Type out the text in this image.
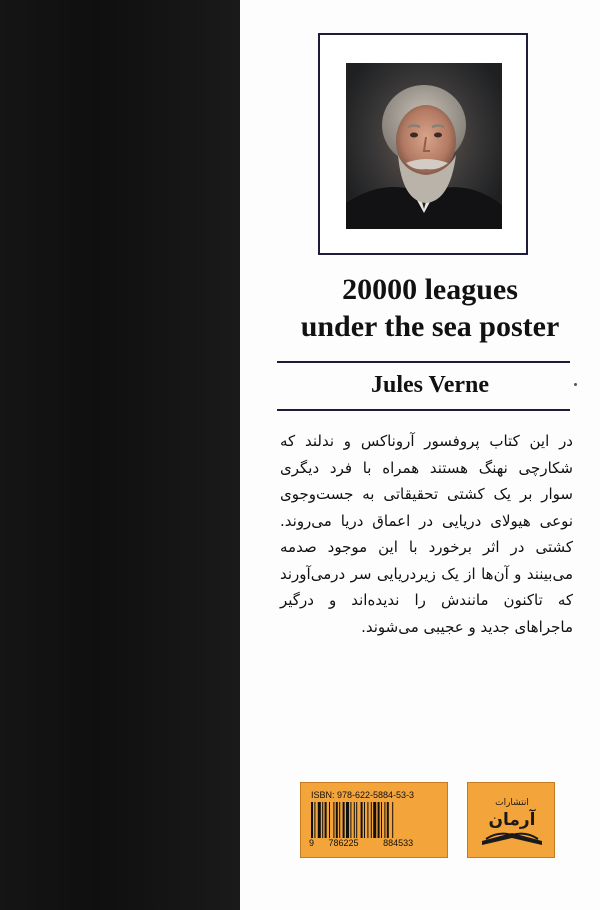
20000 leagues
under the sea poster
Jules Verne
در این کتاب پروفسور آروناکس و ندلند که شکارچی نهنگ هستند همراه با فرد دیگری سوار بر یک کشتی تحقیقاتی به جست‌وجوی نوعی هیولای دریایی در اعماق دریا می‌روند. کشتی در اثر برخورد با این موجود صدمه می‌بینند و آن‌ها از یک زیردریایی سر درمی‌آورند که تاکنون مانندش را ندیده‌اند و درگیر ماجراهای جدید و عجیبی می‌شوند.
ISBN: 978-622-5884-53-3
9 786225	884533
انتشارات
آرمان
